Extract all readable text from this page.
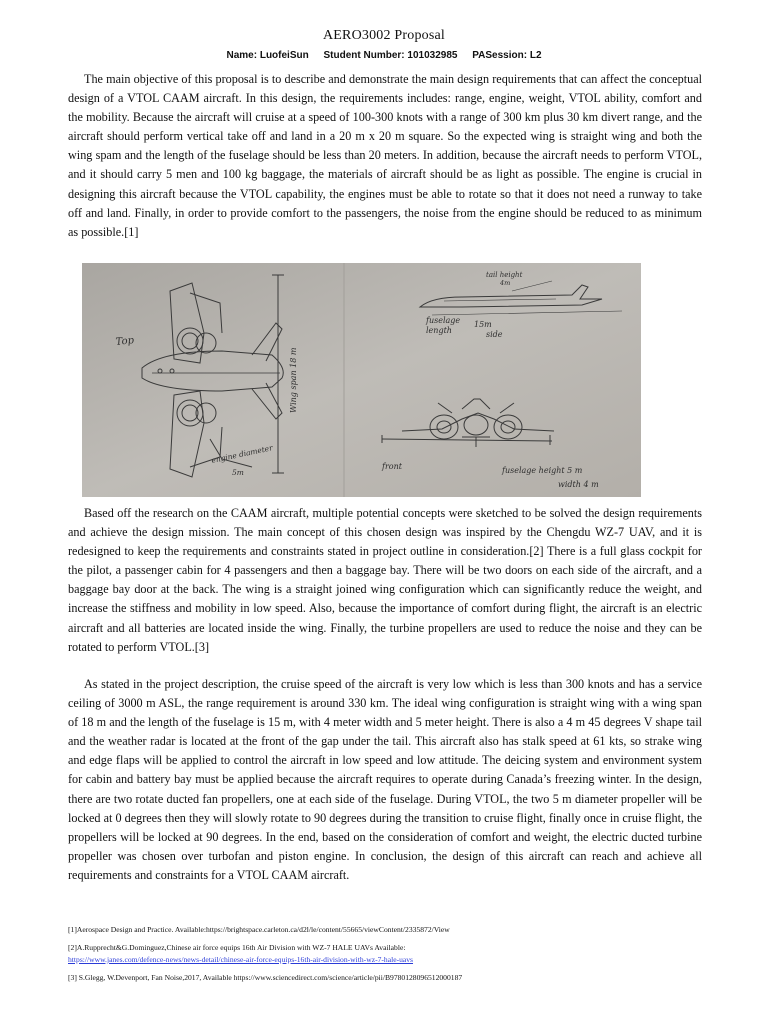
AERO3002 Proposal
Name: LuofeiSun Student Number: 101032985 PASession: L2

The main objective of this proposal is to describe and demonstrate the main design requirements that can affect the conceptual design of a VTOL CAAM aircraft. In this design, the requirements includes: range, engine, weight, VTOL ability, comfort and the mobility. Because the aircraft will cruise at a speed of 100-300 knots with a range of 300 km plus 30 km divert range, and the aircraft should perform vertical take off and land in a 20 m x 20 m square. So the expected wing is straight wing and both the wing spam and the length of the fuselage should be less than 20 meters. In addition, because the aircraft needs to perform VTOL, and it should carry 5 men and 100 kg baggage, the materials of aircraft should be as light as possible. The engine is crucial in designing this aircraft because the VTOL capability, the engines must be able to rotate so that it does not need a runway to take off and land. Finally, in order to provide comfort to the passengers, the noise from the engine should be reduced to as minimum as possible.[1]

Top
Wing span 18 m
engine diameter
5m
tail height
4m
fuselage
length
15m
side
front	fuselage height 5 m
width 4 m

Based off the research on the CAAM aircraft, multiple potential concepts were sketched to be solved the design requirements and achieve the design mission. The main concept of this chosen design was inspired by the Chengdu WZ-7 UAV, and it is redesigned to keep the requirements and constraints stated in project outline in consideration.[2] There is a full glass cockpit for the pilot, a passenger cabin for 4 passengers and then a baggage bay. There will be two doors on each side of the aircraft, and a baggage bay door at the back. The wing is a straight joined wing configuration which can significantly reduce the weight, and increase the stiffness and mobility in low speed. Also, because the importance of comfort during flight, the aircraft is an electric aircraft and all batteries are located inside the wing. Finally, the turbine propellers are used to reduce the noise and they can be rotated to perform VTOL.[3]

As stated in the project description, the cruise speed of the aircraft is very low which is less than 300 knots and has a service ceiling of 3000 m ASL, the range requirement is around 330 km. The ideal wing configuration is straight wing with a wing span of 18 m and the length of the fuselage is 15 m, with 4 meter width and 5 meter height. There is also a 4 m 45 degrees V shape tail and the weather radar is located at the front of the gap under the tail. This aircraft also has stalk speed at 61 kts, so strake wing and edge flaps will be applied to control the aircraft in low speed and low attitude. The deicing system and environment system for cabin and battery bay must be applied because the aircraft requires to operate during Canada’s freezing winter. In the design, there are two rotate ducted fan propellers, one at each side of the fuselage. During VTOL, the two 5 m diameter propeller will be locked at 0 degrees then they will slowly rotate to 90 degrees during the transition to cruise flight, finally once in cruise flight, the propellers will be locked at 90 degrees. In the end, based on the consideration of comfort and weight, the electric ducted turbine propeller was chosen over turbofan and piston engine. In conclusion, the design of this aircraft can reach and achieve all requirements and constraints for a VTOL CAAM aircraft.

[1]Aerospace Design and Practice. Available:https://brightspace.carleton.ca/d2l/le/content/55665/viewContent/2335872/View
[2]A.Rupprecht&G.Dominguez,Chinese air force equips 16th Air Division with WZ-7 HALE UAVs Available:
https://www.janes.com/defence-news/news-detail/chinese-air-force-equips-16th-air-division-with-wz-7-hale-uavs
[3] S.Glegg, W.Devenport, Fan Noise,2017, Available https://www.sciencedirect.com/science/article/pii/B9780128096512000187
